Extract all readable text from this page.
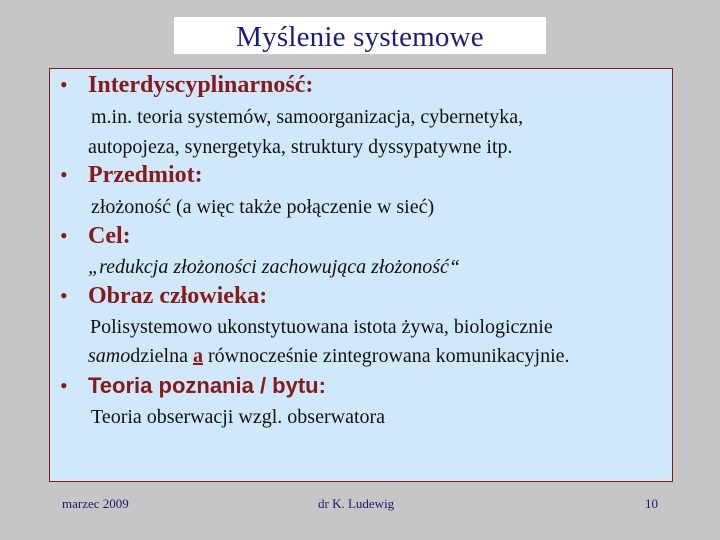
Myślenie systemowe
• Interdyscyplinarność:
m.in. teoria systemów, samoorganizacja, cybernetyka,
autopojeza, synergetyka, struktury dyssypatywne itp.
• Przedmiot:
złożoność (a więc także połączenie w sieć)
• Cel:
„redukcja złożoności zachowująca złożoność“
• Obraz człowieka:
Polisystemowo ukonstytuowana istota żywa, biologicznie
samodzielna a równocześnie zintegrowana komunikacyjnie.
• Teoria poznania / bytu:
Teoria obserwacji wzgl. obserwatora
marzec 2009	dr K. Ludewig	10
